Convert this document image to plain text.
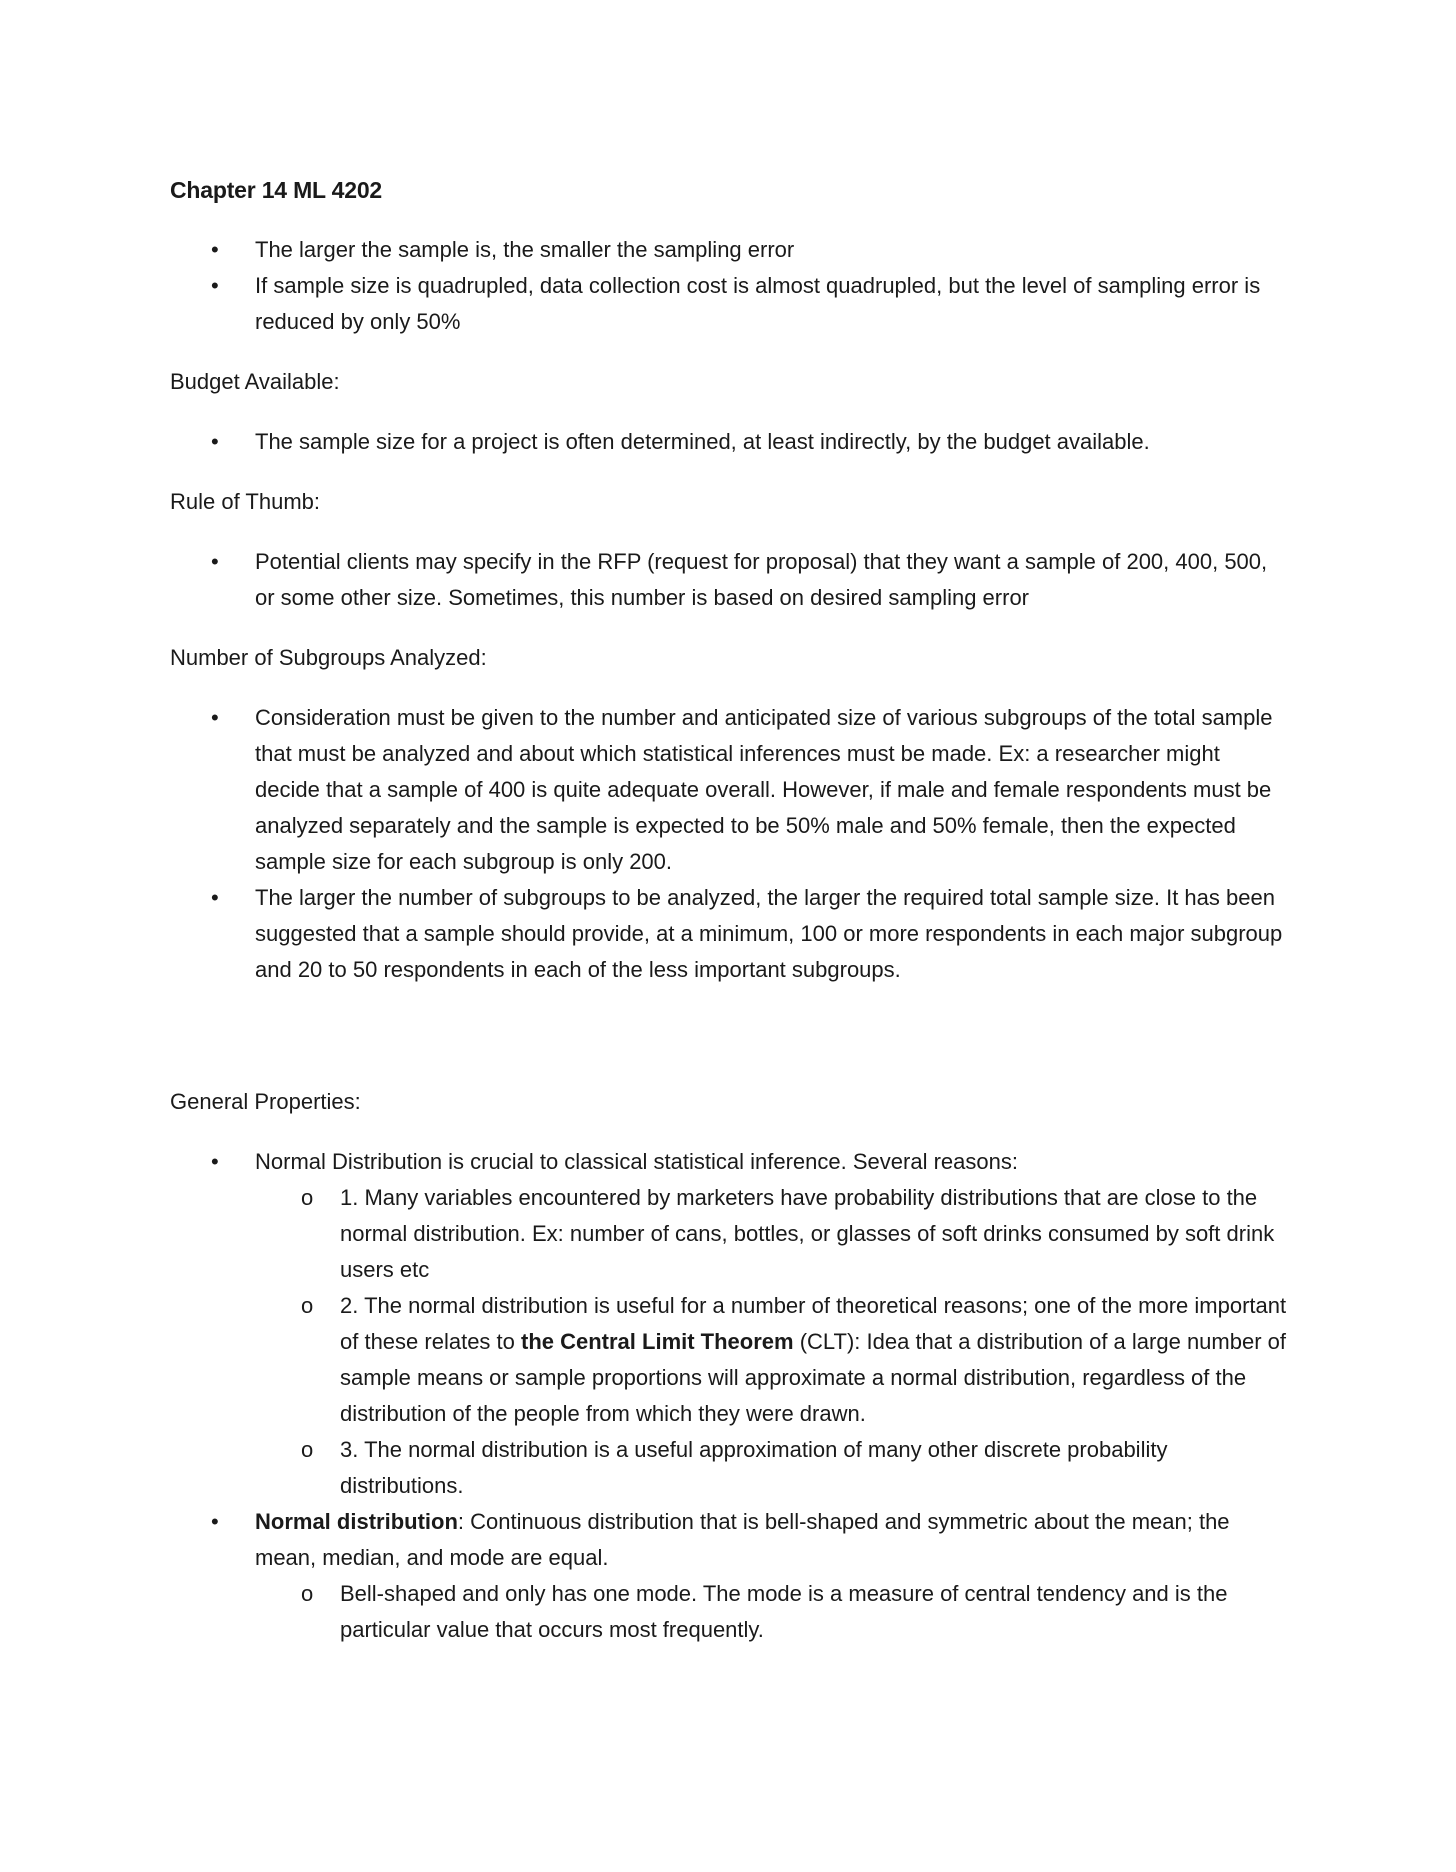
Chapter 14 ML 4202
• The larger the sample is, the smaller the sampling error
• If sample size is quadrupled, data collection cost is almost quadrupled, but the level of sampling error is reduced by only 50%
Budget Available:
• The sample size for a project is often determined, at least indirectly, by the budget available.
Rule of Thumb:
• Potential clients may specify in the RFP (request for proposal) that they want a sample of 200, 400, 500, or some other size. Sometimes, this number is based on desired sampling error
Number of Subgroups Analyzed:
• Consideration must be given to the number and anticipated size of various subgroups of the total sample that must be analyzed and about which statistical inferences must be made. Ex: a researcher might decide that a sample of 400 is quite adequate overall. However, if male and female respondents must be analyzed separately and the sample is expected to be 50% male and 50% female, then the expected sample size for each subgroup is only 200.
• The larger the number of subgroups to be analyzed, the larger the required total sample size. It has been suggested that a sample should provide, at a minimum, 100 or more respondents in each major subgroup and 20 to 50 respondents in each of the less important subgroups.
General Properties:
• Normal Distribution is crucial to classical statistical inference. Several reasons:
o 1. Many variables encountered by marketers have probability distributions that are close to the normal distribution. Ex: number of cans, bottles, or glasses of soft drinks consumed by soft drink users etc
o 2. The normal distribution is useful for a number of theoretical reasons; one of the more important of these relates to the Central Limit Theorem (CLT): Idea that a distribution of a large number of sample means or sample proportions will approximate a normal distribution, regardless of the distribution of the people from which they were drawn.
o 3. The normal distribution is a useful approximation of many other discrete probability distributions.
• Normal distribution: Continuous distribution that is bell-shaped and symmetric about the mean; the mean, median, and mode are equal.
o Bell-shaped and only has one mode. The mode is a measure of central tendency and is the particular value that occurs most frequently.
